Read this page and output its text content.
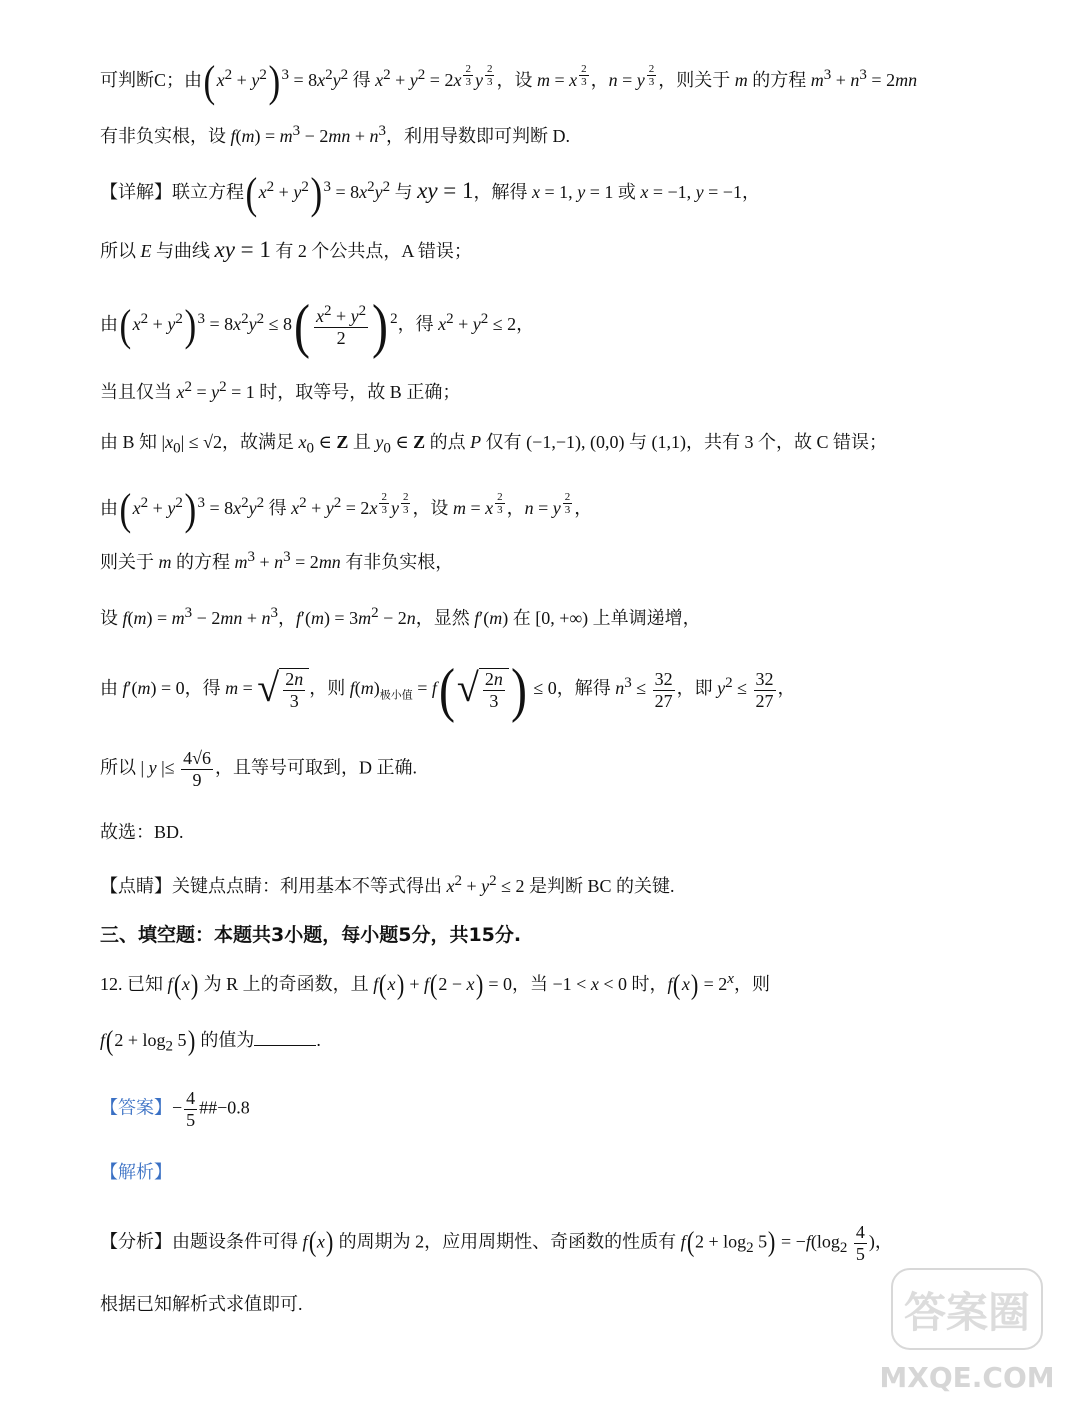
可判断C；由$(x^2 + y^2)^3 = 8x^2y^2$ 得 $x^2 + y^2 = 2x$ $^{\frac{2}{3}}$ y $^{\frac{2}{3}}$ ，设 m = x $^{\frac{2}{3}}$ ，n = y $^{\frac{2}{3}}$ ，则关于 m 的方程 $m^3 + n^3 = 2mn$
有非负实根，设 $f(m) = m^3 - 2mn + n^3$，利用导数即可判断 D.
【详解】联立方程$(x^2 + y^2)^3 = 8x^2y^2$ 与 xy = 1，解得 x = 1, y = 1 或 x = −1, y = −1，
所以 E 与曲线 xy = 1 有 2 个公共点，A 错误；
由$(x^2 + y^2)^3 = 8x^2y^2 \le 8( \frac{x^2 + y^2}{2}$ ) $^2$，得 $x^2 + y^2 \le 2$，
当且仅当 $x^2 = y^2 = 1$ 时，取等号，故 B 正确；
由 B 知 $|x_0| \le √2$，故满足 $x_0$ ∈ Z 且 $y_0$ ∈ Z 的点 P 仅有 (−1,−1), (0,0) 与 (1,1)，共有 3 个，故 C 错误；
由$(x^2 + y^2)^3 = 8x^2y^2$ 得 $x^2 + y^2 = 2x$ $^{\frac{2}{3}}$ y $^{\frac{2}{3}}$ ，设 m = x $^{\frac{2}{3}}$ ，n = y $^{\frac{2}{3}}$ ，
则关于 m 的方程 $m^3 + n^3 = 2mn$ 有非负实根，
设 $f(m) = m^3 - 2mn + n^3$，$f'(m) = 3m^2 - 2n$，显然 f′(m) 在 [0, +∞) 上单调递增，
由 f′(m) = 0，得 m = √ $\frac{2n}{3}$ ，则 $f(m)_{极小值} = f$( √ $\frac{2n}{3}$ ) ≤ 0，解得 $n^3 \le \frac{32}{27}$ ，即 $y^2 \le \frac{32}{27}$ ，
所以 | y |≤ $\frac{4√6}{9}$ ，且等号可取到，D 正确.
故选：BD.
【点睛】关键点点睛：利用基本不等式得出 $x^2 + y^2 \le 2$ 是判断 BC 的关键.
三、填空题：本题共3小题，每小题5分，共15分.
12. 已知 f(x) 为 R 上的奇函数，且 f(x) + f(2 − x) = 0，当 −1 < x < 0 时，$f(x) = 2^x$，则
$f(2 + \log_2 5)$ 的值为	.
【答案】− $\frac{4}{5}$ ##−0.8
【解析】
【分析】由题设条件可得 f(x) 的周期为 2，应用周期性、奇函数的性质有 $f(2 + \log_2 5) = -f(\log_2 \frac{4}{5}$ )，
根据已知解析式求值即可.	答案圈
MXQE.COM
